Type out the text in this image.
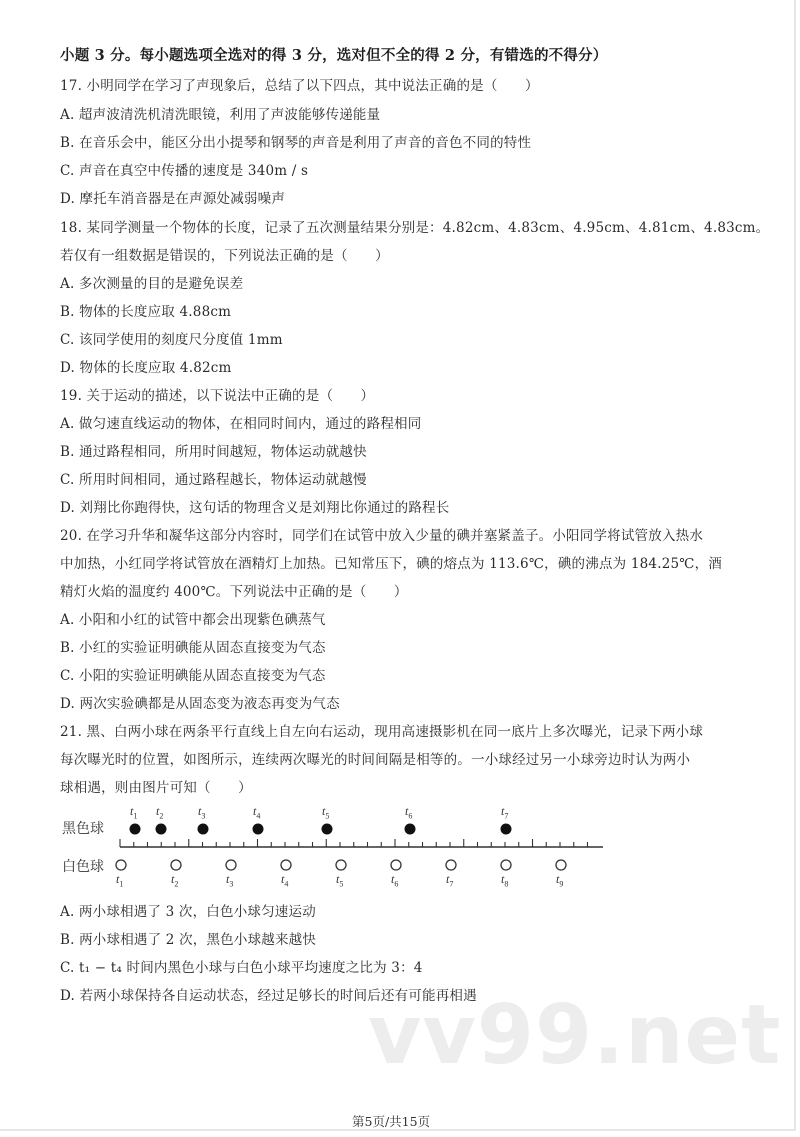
小题 3 分。每小题选项全选对的得 3 分，选对但不全的得 2 分，有错选的不得分）
17. 小明同学在学习了声现象后，总结了以下四点，其中说法正确的是（　　）
A. 超声波清洗机清洗眼镜，利用了声波能够传递能量
B. 在音乐会中，能区分出小提琴和钢琴的声音是利用了声音的音色不同的特性
C. 声音在真空中传播的速度是 340m / s
D. 摩托车消音器是在声源处减弱噪声
18. 某同学测量一个物体的长度，记录了五次测量结果分别是：4.82cm、4.83cm、4.95cm、4.81cm、4.83cm。
若仅有一组数据是错误的，下列说法正确的是（　　）
A. 多次测量的目的是避免误差
B. 物体的长度应取 4.88cm
C. 该同学使用的刻度尺分度值 1mm
D. 物体的长度应取 4.82cm
19. 关于运动的描述，以下说法中正确的是（　　）
A. 做匀速直线运动的物体，在相同时间内，通过的路程相同
B. 通过路程相同，所用时间越短，物体运动就越快
C. 所用时间相同，通过路程越长，物体运动就越慢
D. 刘翔比你跑得快，这句话的物理含义是刘翔比你通过的路程长
20. 在学习升华和凝华这部分内容时，同学们在试管中放入少量的碘并塞紧盖子。小阳同学将试管放入热水
中加热，小红同学将试管放在酒精灯上加热。已知常压下，碘的熔点为 113.6℃，碘的沸点为 184.25℃，酒
精灯火焰的温度约 400℃。下列说法中正确的是（　　）
A. 小阳和小红的试管中都会出现紫色碘蒸气
B. 小红的实验证明碘能从固态直接变为气态
C. 小阳的实验证明碘能从固态直接变为气态
D. 两次实验碘都是从固态变为液态再变为气态
21. 黑、白两小球在两条平行直线上自左向右运动，现用高速摄影机在同一底片上多次曝光，记录下两小球
每次曝光时的位置，如图所示，连续两次曝光的时间间隔是相等的。一小球经过另一小球旁边时认为两小
球相遇，则由图片可知（　　）
黑色球
白色球
$t_1$ $t_2$	$t_3$	$t_4$	$t_5$	$t_6$	$t_7$
$t_1$	$t_2$	$t_3$	$t_4$	$t_5$	$t_6$	$t_7$	$t_8$	$t_9$
A. 两小球相遇了 3 次，白色小球匀速运动
B. 两小球相遇了 2 次，黑色小球越来越快
C. t₁ − t₄ 时间内黑色小球与白色小球平均速度之比为 3：4
D. 若两小球保持各自运动状态，经过足够长的时间后还有可能再相遇
vv99.net
第5页/共15页
